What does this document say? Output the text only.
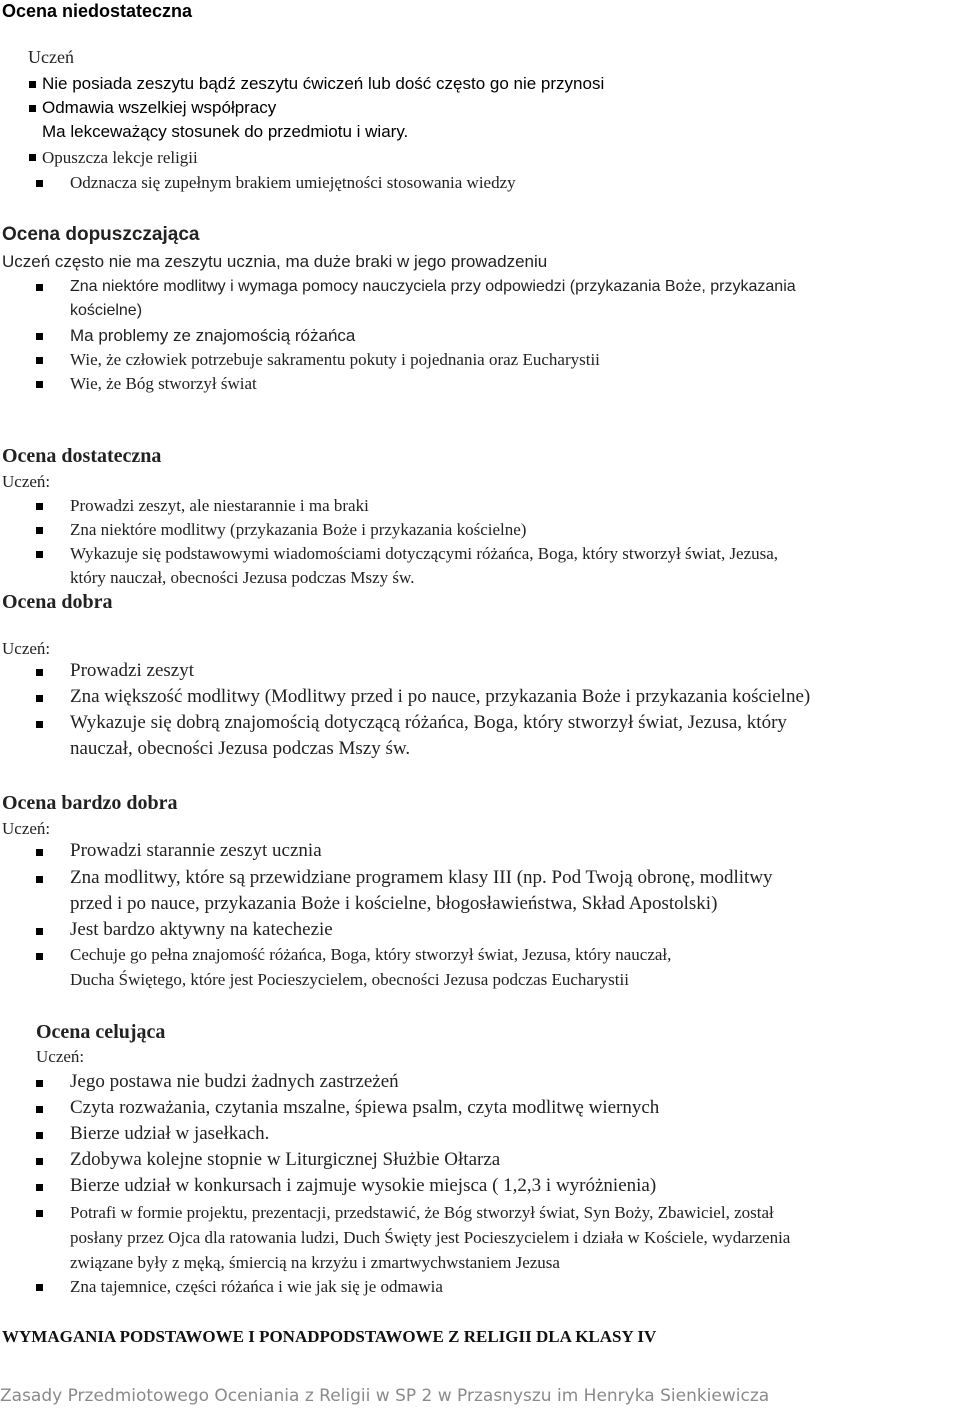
Ocena niedostateczna
Uczeń
Nie posiada zeszytu bądź zeszytu ćwiczeń lub dość często go nie przynosi
Odmawia wszelkiej współpracy
Ma lekceważący stosunek do przedmiotu i wiary.
Opuszcza lekcje religii
Odznacza się zupełnym brakiem umiejętności stosowania wiedzy
Ocena dopuszczająca
Uczeń często nie ma zeszytu ucznia, ma duże braki w jego prowadzeniu
Zna niektóre modlitwy i wymaga pomocy nauczyciela przy odpowiedzi (przykazania Boże, przykazania
kościelne)
Ma problemy ze znajomością różańca
Wie, że człowiek potrzebuje sakramentu pokuty i pojednania oraz Eucharystii
Wie, że Bóg stworzył świat
Ocena dostateczna
Uczeń:
Prowadzi zeszyt, ale niestarannie i ma braki
Zna niektóre modlitwy (przykazania Boże i przykazania kościelne)
Wykazuje się podstawowymi wiadomościami dotyczącymi różańca, Boga, który stworzył świat, Jezusa,
który nauczał, obecności Jezusa podczas Mszy św.
Ocena dobra
Uczeń:
Prowadzi zeszyt
Zna większość modlitwy (Modlitwy przed i po nauce, przykazania Boże i przykazania kościelne)
Wykazuje się dobrą znajomością dotyczącą różańca, Boga, który stworzył świat, Jezusa, który
nauczał, obecności Jezusa podczas Mszy św.
Ocena bardzo dobra
Uczeń:
Prowadzi starannie zeszyt ucznia
Zna modlitwy, które są przewidziane programem klasy III (np. Pod Twoją obronę, modlitwy
przed i po nauce, przykazania Boże i kościelne, błogosławieństwa, Skład Apostolski)
Jest bardzo aktywny na katechezie
Cechuje go pełna znajomość różańca, Boga, który stworzył świat, Jezusa, który nauczał,
Ducha Świętego, które jest Pocieszycielem, obecności Jezusa podczas Eucharystii
Ocena celująca
Uczeń:
Jego postawa nie budzi żadnych zastrzeżeń
Czyta rozważania, czytania mszalne, śpiewa psalm, czyta modlitwę wiernych
Bierze udział w jasełkach.
Zdobywa kolejne stopnie w Liturgicznej Służbie Ołtarza
Bierze udział w konkursach i zajmuje wysokie miejsca ( 1,2,3 i wyróżnienia)
Potrafi w formie projektu, prezentacji, przedstawić, że Bóg stworzył świat, Syn Boży, Zbawiciel, został
posłany przez Ojca dla ratowania ludzi, Duch Święty jest Pocieszycielem i działa w Kościele, wydarzenia
związane były z męką, śmiercią na krzyżu i zmartwychwstaniem Jezusa
Zna tajemnice, części różańca i wie jak się je odmawia
WYMAGANIA PODSTAWOWE I PONADPODSTAWOWE Z RELIGII DLA KLASY IV
Zasady Przedmiotowego Oceniania z Religii w SP 2 w Przasnyszu im Henryka Sienkiewicza
